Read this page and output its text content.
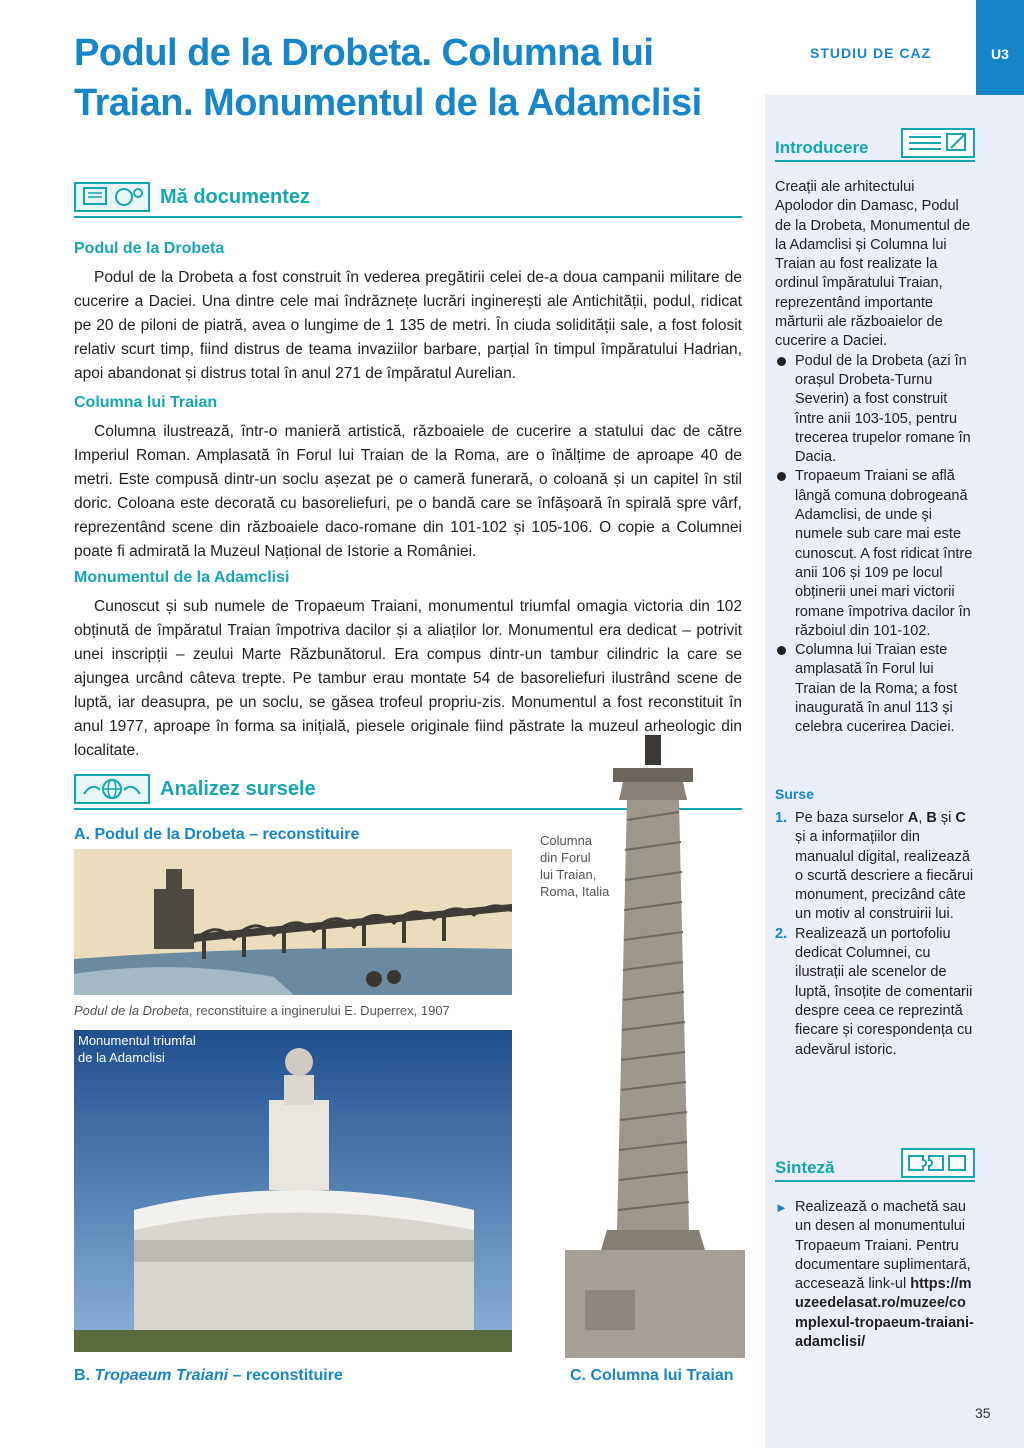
U3
STUDIU DE CAZ
Podul de la Drobeta. Columna lui
Traian. Monumentul de la Adamclisi
Mă documentez
Podul de la Drobeta
Podul de la Drobeta a fost construit în vederea pregătirii celei de-a doua campanii militare de cucerire a Daciei. Una dintre cele mai îndrăznețe lucrări inginerești ale Antichității, podul, ridicat pe 20 de piloni de piatră, avea o lungime de 1 135 de metri. În ciuda solidității sale, a fost folosit relativ scurt timp, fiind distrus de teama invaziilor barbare, parțial în timpul împăratului Hadrian, apoi abandonat și distrus total în anul 271 de împăratul Aurelian.
Columna lui Traian
Columna ilustrează, într-o manieră artistică, războaiele de cucerire a statului dac de către Imperiul Roman. Amplasată în Forul lui Traian de la Roma, are o înălțime de aproape 40 de metri. Este compusă dintr-un soclu așezat pe o cameră funerară, o coloană și un capitel în stil doric. Coloana este decorată cu basoreliefuri, pe o bandă care se înfășoară în spirală spre vârf, reprezentând scene din războaiele daco-romane din 101-102 și 105-106. O copie a Columnei poate fi admirată la Muzeul Național de Istorie a României.
Monumentul de la Adamclisi
Cunoscut și sub numele de Tropaeum Traiani, monumentul triumfal omagia victoria din 102 obținută de împăratul Traian împotriva dacilor și a aliaților lor. Monumentul era dedicat – potrivit unei inscripții – zeului Marte Răzbunătorul. Era compus dintr-un tambur cilindric la care se ajungea urcând câteva trepte. Pe tambur erau montate 54 de basoreliefuri ilustrând scene de luptă, iar deasupra, pe un soclu, se găsea trofeul propriu-zis. Monumentul a fost reconstituit în anul 1977, aproape în forma sa inițială, piesele originale fiind păstrate la muzeul arheologic din localitate.
Analizez sursele
A. Podul de la Drobeta – reconstituire
Podul de la Drobeta, reconstituire a inginerului E. Duperrex, 1907
Monumentul triumfal
de la Adamclisi
B. Tropaeum Traiani – reconstituire
Columna
din Forul
lui Traian,
Roma, Italia
C. Columna lui Traian
Introducere
Creații ale arhitectului Apolodor din Damasc, Podul de la Drobeta, Monumentul de la Adamclisi și Columna lui Traian au fost realizate la ordinul împăratului Traian, reprezentând importante mărturii ale războaielor de cucerire a Daciei.
Podul de la Drobeta (azi în orașul Drobeta-Turnu Severin) a fost construit între anii 103-105, pentru trecerea trupelor romane în Dacia.
Tropaeum Traiani se află lângă comuna dobrogeană Adamclisi, de unde și numele sub care mai este cunoscut. A fost ridicat între anii 106 și 109 pe locul obținerii unei mari victorii romane împotriva dacilor în războiul din 101-102.
Columna lui Traian este amplasată în Forul lui Traian de la Roma; a fost inaugurată în anul 113 și celebra cucerirea Daciei.
Surse
1. Pe baza surselor A, B și C și a informațiilor din manualul digital, realizează o scurtă descriere a fiecărui monument, precizând câte un motiv al construirii lui.
2. Realizează un portofoliu dedicat Columnei, cu ilustrații ale scenelor de luptă, însoțite de comentarii despre ceea ce reprezintă fiecare și corespondența cu adevărul istoric.
Sinteză
► Realizează o machetă sau un desen al monumentului Tropaeum Traiani. Pentru documentare suplimentară, accesează link-ul https://muzeedelasat.ro/muzee/complexul-tropaeum-traiani-adamclisi/
35
